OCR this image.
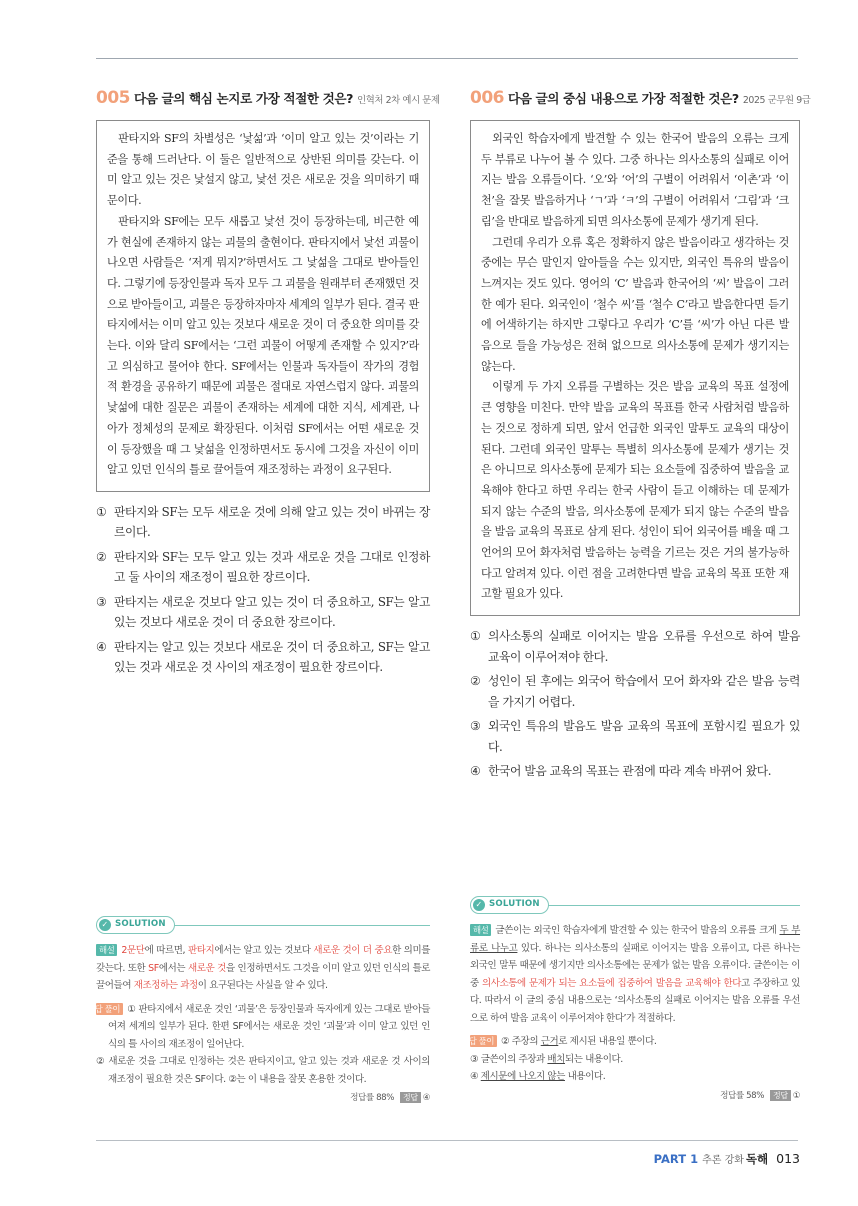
005 다음 글의 핵심 논지로 가장 적절한 것은? 인혁처 2차 예시 문제

판타지와 SF의 차별성은 ‘낯섦’과 ‘이미 알고 있는 것’이라는 기준을 통해 드러난다. 이 둘은 일반적으로 상반된 의미를 갖는다. 이미 알고 있는 것은 낯설지 않고, 낯선 것은 새로운 것을 의미하기 때문이다.

판타지와 SF에는 모두 새롭고 낯선 것이 등장하는데, 비근한 예가 현실에 존재하지 않는 괴물의 출현이다. 판타지에서 낯선 괴물이 나오면 사람들은 ‘저게 뭐지?’하면서도 그 낯섦을 그대로 받아들인다. 그렇기에 등장인물과 독자 모두 그 괴물을 원래부터 존재했던 것으로 받아들이고, 괴물은 등장하자마자 세계의 일부가 된다. 결국 판타지에서는 이미 알고 있는 것보다 새로운 것이 더 중요한 의미를 갖는다. 이와 달리 SF에서는 ‘그런 괴물이 어떻게 존재할 수 있지?’라고 의심하고 물어야 한다. SF에서는 인물과 독자들이 작가의 경험적 환경을 공유하기 때문에 괴물은 절대로 자연스럽지 않다. 괴물의 낯섦에 대한 질문은 괴물이 존재하는 세계에 대한 지식, 세계관, 나아가 정체성의 문제로 확장된다. 이처럼 SF에서는 어떤 새로운 것이 등장했을 때 그 낯섦을 인정하면서도 동시에 그것을 자신이 이미 알고 있던 인식의 틀로 끌어들여 재조정하는 과정이 요구된다.

① 판타지와 SF는 모두 새로운 것에 의해 알고 있는 것이 바뀌는 장르이다.
② 판타지와 SF는 모두 알고 있는 것과 새로운 것을 그대로 인정하고 둘 사이의 재조정이 필요한 장르이다.
③ 판타지는 새로운 것보다 알고 있는 것이 더 중요하고, SF는 알고 있는 것보다 새로운 것이 더 중요한 장르이다.
④ 판타지는 알고 있는 것보다 새로운 것이 더 중요하고, SF는 알고 있는 것과 새로운 것 사이의 재조정이 필요한 장르이다.
006 다음 글의 중심 내용으로 가장 적절한 것은? 2025 군무원 9급

외국인 학습자에게 발견할 수 있는 한국어 발음의 오류는 크게 두 부류로 나누어 볼 수 있다. 그중 하나는 의사소통의 실패로 이어지는 발음 오류들이다. ‘오’와 ‘어’의 구별이 어려워서 ‘이촌’과 ‘이천’을 잘못 발음하거나 ‘ㄱ’과 ‘ㅋ’의 구별이 어려워서 ‘그림’과 ‘크림’을 반대로 발음하게 되면 의사소통에 문제가 생기게 된다.

그런데 우리가 오류 혹은 정확하지 않은 발음이라고 생각하는 것 중에는 무슨 말인지 알아들을 수는 있지만, 외국인 특유의 발음이 느껴지는 것도 있다. 영어의 ‘C’ 발음과 한국어의 ‘씨’ 발음이 그러한 예가 된다. 외국인이 ‘철수 씨’를 ‘철수 C’라고 발음한다면 듣기에 어색하기는 하지만 그렇다고 우리가 ‘C’를 ‘씨’가 아닌 다른 발음으로 들을 가능성은 전혀 없으므로 의사소통에 문제가 생기지는 않는다.

이렇게 두 가지 오류를 구별하는 것은 발음 교육의 목표 설정에 큰 영향을 미친다. 만약 발음 교육의 목표를 한국 사람처럼 발음하는 것으로 정하게 되면, 앞서 언급한 외국인 말투도 교육의 대상이 된다. 그런데 외국인 말투는 특별히 의사소통에 문제가 생기는 것은 아니므로 의사소통에 문제가 되는 요소들에 집중하여 발음을 교육해야 한다고 하면 우리는 한국 사람이 듣고 이해하는 데 문제가 되지 않는 수준의 발음, 의사소통에 문제가 되지 않는 수준의 발음을 발음 교육의 목표로 삼게 된다. 성인이 되어 외국어를 배울 때 그 언어의 모어 화자처럼 발음하는 능력을 기르는 것은 거의 불가능하다고 알려져 있다. 이런 점을 고려한다면 발음 교육의 목표 또한 재고할 필요가 있다.

① 의사소통의 실패로 이어지는 발음 오류를 우선으로 하여 발음 교육이 이루어져야 한다.
② 성인이 된 후에는 외국어 학습에서 모어 화자와 같은 발음 능력을 가지기 어렵다.
③ 외국인 특유의 발음도 발음 교육의 목표에 포함시킬 필요가 있다.
④ 한국어 발음 교육의 목표는 관점에 따라 계속 바뀌어 왔다.
✓ SOLUTION

해설 2문단에 따르면, 판타지에서는 알고 있는 것보다 새로운 것이 더 중요한 의미를 갖는다. 또한 SF에서는 새로운 것을 인정하면서도 그것을 이미 알고 있던 인식의 틀로 끌어들여 재조정하는 과정이 요구된다는 사실을 알 수 있다.

오답 풀이 ① 판타지에서 새로운 것인 ‘괴물’은 등장인물과 독자에게 있는 그대로 받아들여져 세계의 일부가 된다. 한편 SF에서는 새로운 것인 ‘괴물’과 이미 알고 있던 인식의 틀 사이의 재조정이 일어난다.

② 새로운 것을 그대로 인정하는 것은 판타지이고, 알고 있는 것과 새로운 것 사이의 재조정이 필요한 것은 SF이다. ②는 이 내용을 잘못 혼용한 것이다.

정답률 88% 정답 ④
✓ SOLUTION

해설 글쓴이는 외국인 학습자에게 발견할 수 있는 한국어 발음의 오류를 크게 두 부류로 나누고 있다. 하나는 의사소통의 실패로 이어지는 발음 오류이고, 다른 하나는 외국인 말투 때문에 생기지만 의사소통에는 문제가 없는 발음 오류이다. 글쓴이는 이 중 의사소통에 문제가 되는 요소들에 집중하여 발음을 교육해야 한다고 주장하고 있다. 따라서 이 글의 중심 내용으로는 ‘의사소통의 실패로 이어지는 발음 오류를 우선으로 하여 발음 교육이 이루어져야 한다’가 적절하다.

오답 풀이 ② 주장의 근거로 제시된 내용일 뿐이다.

③ 글쓴이의 주장과 배치되는 내용이다.

④ 제시문에 나오지 않는 내용이다.

정답률 58% 정답 ①
PART 1 추론 강화 독해 013
